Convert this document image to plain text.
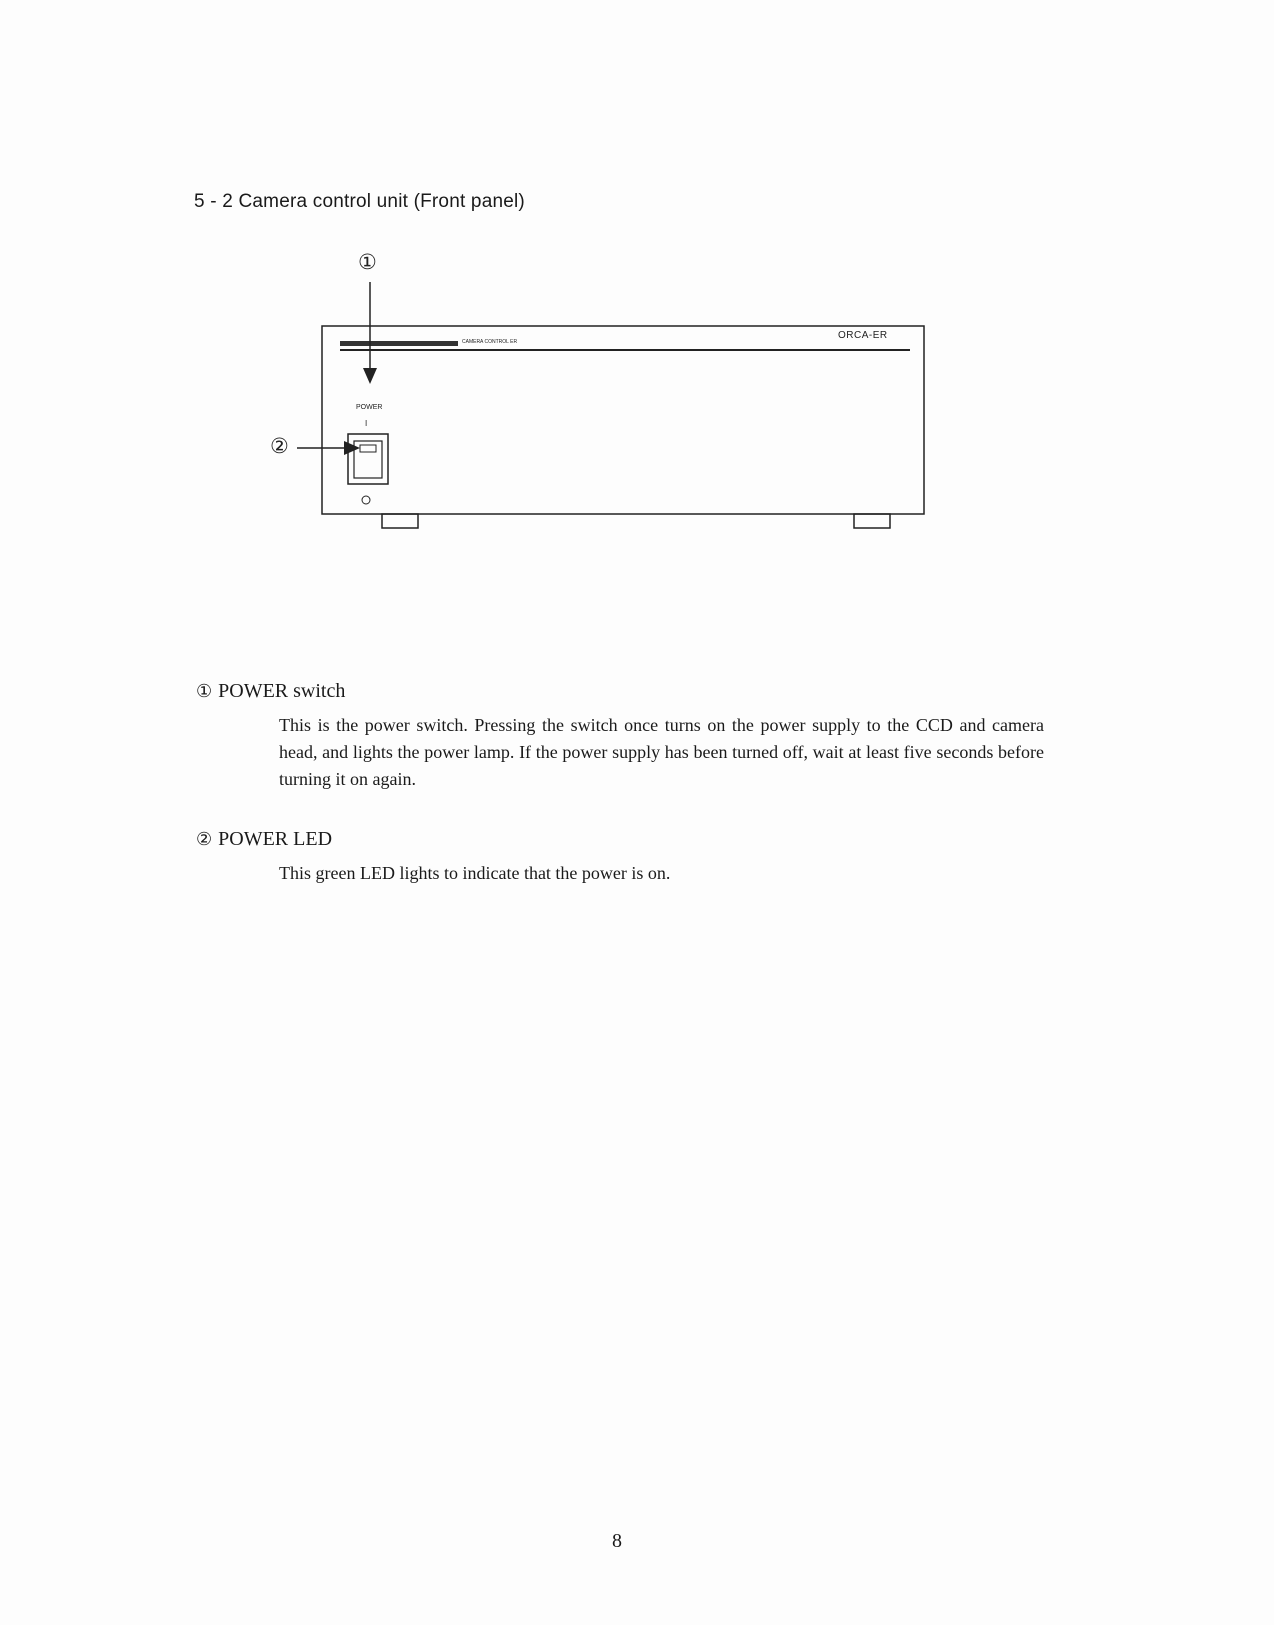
5 - 2 Camera control unit (Front panel)
①
②
CAMERA CONTROL ER
ORCA-ER
POWER
I
① POWER switch
This is the power switch. Pressing the switch once turns on the power supply to the CCD and camera head, and lights the power lamp. If the power supply has been turned off, wait at least five seconds before turning it on again.
② POWER LED
This green LED lights to indicate that the power is on.
8
